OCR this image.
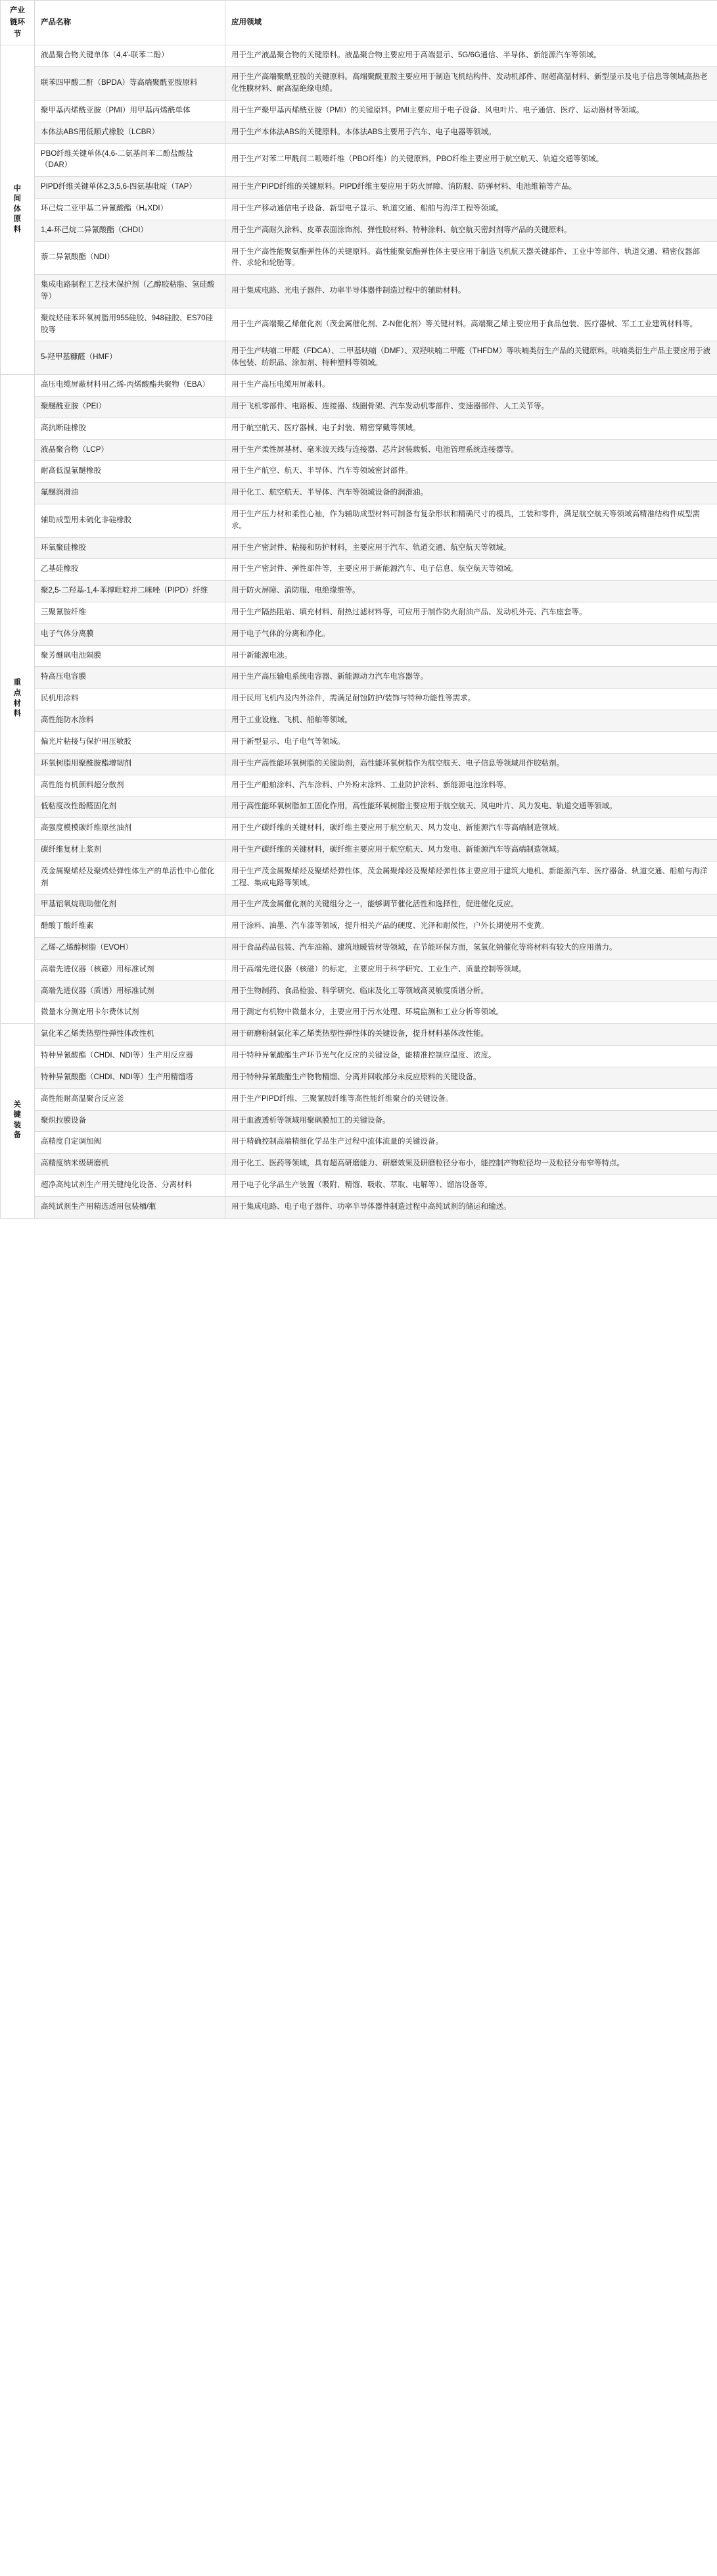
产业链环节	产品名称	应用领域
中间体原料	液晶聚合物关键单体（4,4'-联苯二酚）	用于生产液晶聚合物的关键原料。液晶聚合物主要应用于高端显示、5G/6G通信、半导体、新能源汽车等领域。
	联苯四甲酸二酐（BPDA）等高端聚酰亚胺原料	用于生产高端聚酰亚胺的关键原料。高端聚酰亚胺主要应用于制造飞机结构件、发动机部件、耐超高温材料、新型显示及电子信息等领域高热老化性膜材料、耐高温绝缘电缆。
	聚甲基丙烯酰亚胺（PMI）用甲基丙烯酰单体	用于生产聚甲基丙烯酰亚胺（PMI）的关键原料。PMI主要应用于电子设备、风电叶片、电子通信、医疗、运动器材等领域。
	本体法ABS用低顺式橡胶（LCBR）	用于生产本体法ABS的关键原料。本体法ABS主要用于汽车、电子电器等领域。
	PBO纤维关键单体(4,6-二氨基间苯二酚盐酸盐（DAR）	用于生产对苯二甲酰间二哌嗪纤维（PBO纤维）的关键原料。PBO纤维主要应用于航空航天、轨道交通等领域。
	PIPD纤维关键单体2,3,5,6-四氨基吡啶（TAP）	用于生产PIPD纤维的关键原料。PIPD纤维主要应用于防火屏障、消防服、防弹材料、电池维箱等产品。
	环己烷二亚甲基二异氰酸酯（H₆XDI）	用于生产移动通信电子设备、新型电子显示、轨道交通、船舶与海洋工程等领域。
	1,4-环己烷二异氰酸酯（CHDI）	用于生产高耐久涂料、皮革表面涂饰剂、弹性胶材料、特种涂料、航空航天密封剂等产品的关键原料。
	萘二异氰酸酯（NDI）	用于生产高性能聚氨酯弹性体的关键原料。高性能聚氨酯弹性体主要应用于制造飞机航天器关键部件、工业中等部件、轨道交通、精密仪器部件、求轮和轮胎等。
	集成电路制程工艺技术保护剂（乙醇胶粘脂、氢硅酸等）	用于集成电路、光电子器件、功率半导体器件制造过程中的辅助材料。
	聚烷烃硅苯环氧树脂用955硅胶、948硅胶、ES70硅胶等	用于生产高端聚乙烯催化剂（茂金属催化剂、Z-N催化剂）等关键材料。高端聚乙烯主要应用于食品包装、医疗器械、军工工业建筑材料等。
	5-羟甲基糠醛（HMF）	用于生产呋喃二甲醛（FDCA）、二甲基呋喃（DMF）、双羟呋喃二甲醛（THFDM）等呋喃类衍生产品的关键原料。呋喃类衍生产品主要应用于液体包装、纺织品、涂加剂、特种塑料等领域。
重点材料	高压电缆屏蔽材料用乙烯-丙烯酸酯共聚物（EBA）	用于生产高压电缆用屏蔽料。
	聚醚酰亚胺（PEI）	用于飞机零部件、电路板、连接器、线圈骨架、汽车发动机零部件、变速器部件、人工关节等。
	高抗断硅橡胶	用于航空航天、医疗器械、电子封装、精密穿戴等领域。
	液晶聚合物（LCP）	用于生产柔性屏基材、毫米波天线与连接器、芯片封装载板、电池管理系统连接器等。
	耐高低温氟醚橡胶	用于生产航空、航天、半导体、汽车等领域密封部件。
	氟醚润滑油	用于化工、航空航天、半导体、汽车等领域设备的润滑油。
	辅助成型用未硫化非硅橡胶	用于生产压力材和柔性心袖，作为辅助成型材料可制备有复杂形状和精确尺寸的模具，工装和零件，满足航空航天等领域高精准结构件成型需求。
	环氧聚硅橡胶	用于生产密封件、粘接和防护材料，主要应用于汽车、轨道交通、航空航天等领域。
	乙基硅橡胶	用于生产密封件、弹性部件等，主要应用于新能源汽车、电子信息、航空航天等领域。
	聚2,5-二羟基-1,4-苯撑吡啶并二咪唑（PIPD）纤维	用于防火屏障、消防服、电绝缘维等。
	三聚氰胺纤维	用于生产隔热阻焰、填充材料、耐热过滤材料等，可应用于制作防火耐油产品、发动机外壳、汽车座套等。
	电子气体分离膜	用于电子气体的分离和净化。
	聚芳醚砜电池隔膜	用于新能源电池。
	特高压电容膜	用于生产高压输电系统电容器、新能源动力汽车电容器等。
	民机用涂料	用于民用飞机内及内外涂件，需满足耐蚀防护/装饰与特种功能性等需求。
	高性能防水涂料	用于工业设施、飞机、船舶等领域。
	偏光片粘接与保护用压敏胶	用于新型显示、电子电气等领域。
	环氧树脂用聚酰胺酯增韧剂	用于生产高性能环氧树脂的关键助剂，高性能环氧树脂作为航空航天、电子信息等领域用作胶粘剂。
	高性能有机颜料超分散剂	用于生产船舶涂料、汽车涂料、户外粉末涂料、工业防护涂料、新能源电池涂料等。
	低粘度改性酚醛固化剂	用于高性能环氧树脂加工固化作用，高性能环氧树脂主要应用于航空航天、风电叶片、风力发电、轨道交通等领域。
	高强度模模碳纤维原丝油剂	用于生产碳纤维的关键材料，碳纤维主要应用于航空航天、风力发电、新能源汽车等高端制造领域。
	碳纤维复材上浆剂	用于生产碳纤维的关键材料，碳纤维主要应用于航空航天、风力发电、新能源汽车等高端制造领域。
	茂金属聚烯烃及聚烯烃弹性体生产的单活性中心催化剂	用于生产茂金属聚烯烃及聚烯烃弹性体，茂金属聚烯烃及聚烯烃弹性体主要应用于建筑大地机、新能源汽车、医疗器备、轨道交通、船舶与海洋工程、集成电路等领域。
	甲基铝氧烷现助催化剂	用于生产茂金属催化剂的关键组分之一，能够调节催化活性和选择性，促进催化反应。
	醋酸丁酸纤维素	用于涂料、油墨、汽车漆等领域，提升相关产品的硬度、光泽和耐候性，户外长期使用不变黄。
	乙烯-乙烯醇树脂（EVOH）	用于食品药品包装、汽车油箱、建筑地暖管材等领域，在节能环保方面，氢氧化钠催化等将材料有较大的应用潜力。
	高端先进仪器（核磁）用标准试剂	用于高端先进仪器（核磁）的标定，主要应用于科学研究、工业生产、质量控制等领域。
	高端先进仪器（质谱）用标准试剂	用于生物制药、食品检验、科学研究、临床及化工等领域高灵敏度质谱分析。
	微量水分测定用卡尔费休试剂	用于测定有机物中微量水分，主要应用于污水处理、环境监测和工业分析等领域。
关键装备	氯化苯乙烯类热塑性弹性体改性机	用于研磨粉制氯化苯乙烯类热塑性弹性体的关键设备，提升材料基体改性能。
	特种异氰酸酯（CHDI、NDI等）生产用反应器	用于特种异氰酸酯生产环节光气化反应的关键设备，能精准控制应温度、浓度。
	特种异氰酸酯（CHDI、NDI等）生产用精馏塔	用于特种异氰酸酯生产物物精馏、分离并回收部分未反应原料的关键设备。
	高性能耐高温聚合反应釜	用于生产PIPD纤维、三聚氰胺纤维等高性能纤维聚合的关键设备。
	聚炽拉膜设备	用于血液透析等领域用聚砜膜加工的关键设备。
	高精度自定调加阀	用于精确控制高端精细化学品生产过程中流体流量的关键设备。
	高精度纳米级研磨机	用于化工、医药等领域，具有超高研磨能力、研磨效果及研磨粒径分布小，能控制产物粒径均一及粒径分布窄等特点。
	超净高纯试剂生产用关键纯化设备、分离材料	用于电子化学品生产装置（吸附、精馏、吸收、萃取、电解等）、馏溶设备等。
	高纯试剂生产用精选适用包装桶/瓶	用于集成电路、电子电子器件、功率半导体器件制造过程中高纯试剂的储运和输送。
